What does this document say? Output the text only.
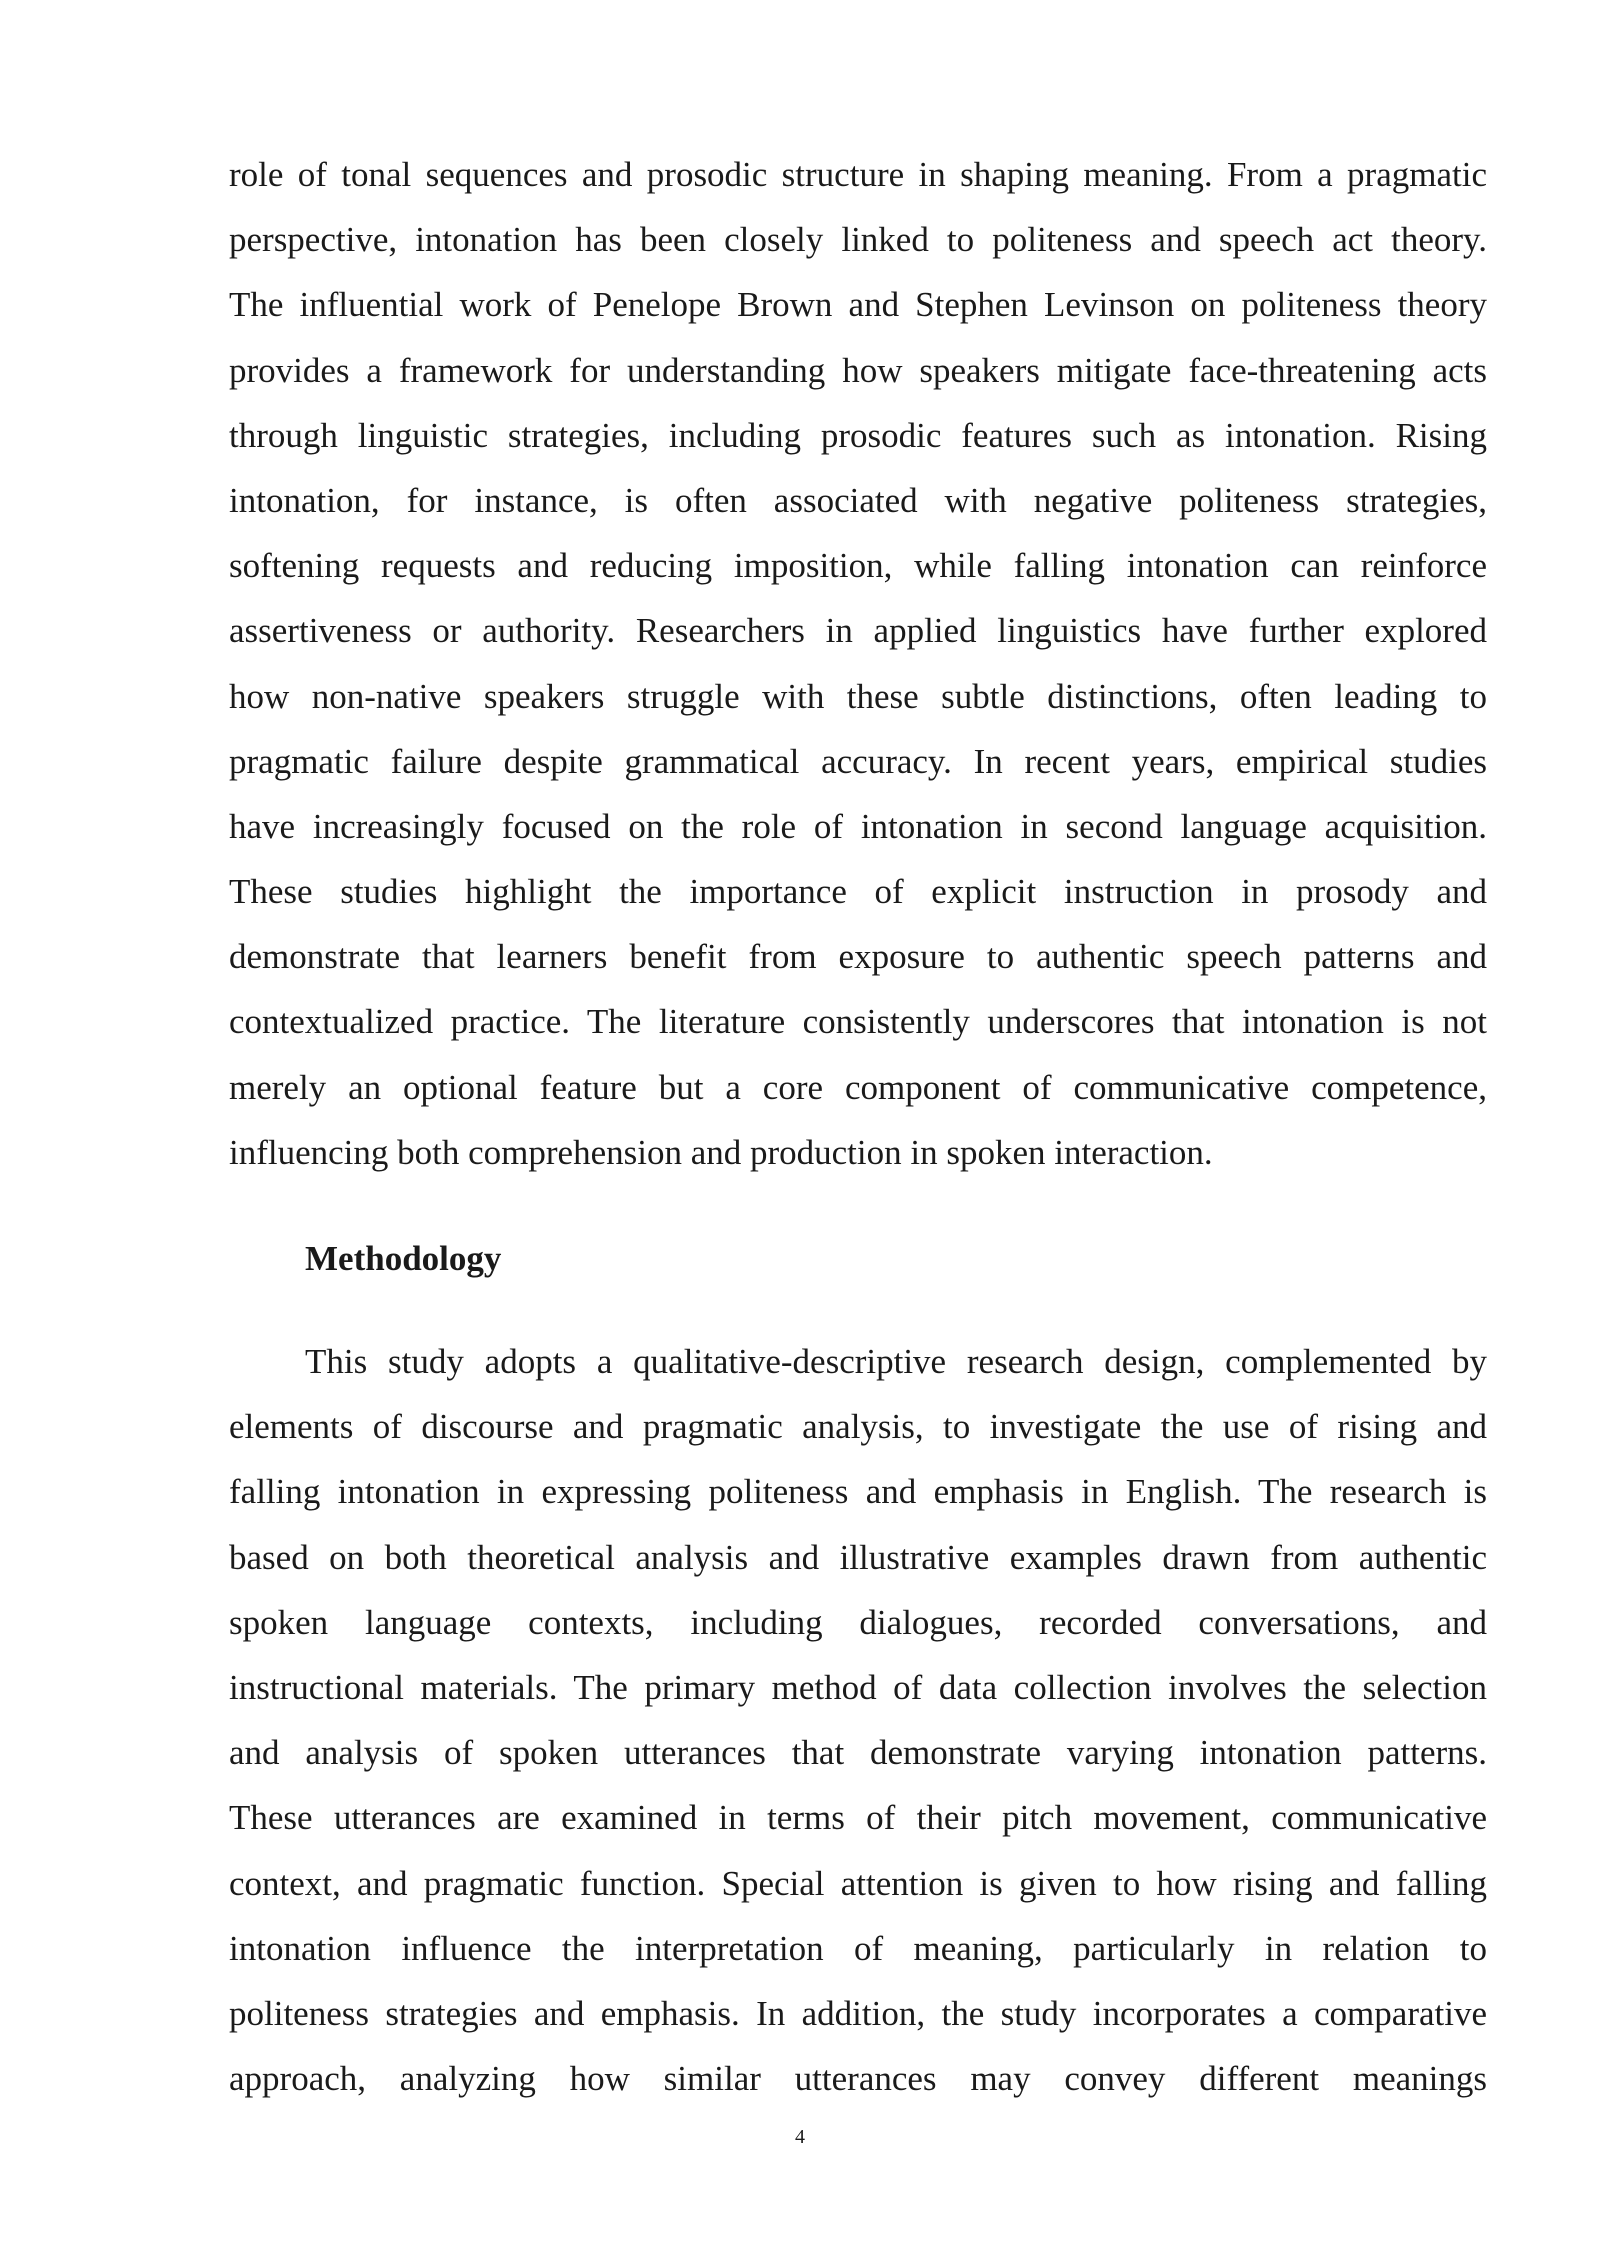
role of tonal sequences and prosodic structure in shaping meaning. From a pragmatic
perspective, intonation has been closely linked to politeness and speech act theory.
The influential work of Penelope Brown and Stephen Levinson on politeness theory
provides a framework for understanding how speakers mitigate face-threatening acts
through linguistic strategies, including prosodic features such as intonation. Rising
intonation, for instance, is often associated with negative politeness strategies,
softening requests and reducing imposition, while falling intonation can reinforce
assertiveness or authority. Researchers in applied linguistics have further explored
how non-native speakers struggle with these subtle distinctions, often leading to
pragmatic failure despite grammatical accuracy. In recent years, empirical studies
have increasingly focused on the role of intonation in second language acquisition.
These studies highlight the importance of explicit instruction in prosody and
demonstrate that learners benefit from exposure to authentic speech patterns and
contextualized practice. The literature consistently underscores that intonation is not
merely an optional feature but a core component of communicative competence,
influencing both comprehension and production in spoken interaction.
Methodology
This study adopts a qualitative-descriptive research design, complemented by
elements of discourse and pragmatic analysis, to investigate the use of rising and
falling intonation in expressing politeness and emphasis in English. The research is
based on both theoretical analysis and illustrative examples drawn from authentic
spoken language contexts, including dialogues, recorded conversations, and
instructional materials. The primary method of data collection involves the selection
and analysis of spoken utterances that demonstrate varying intonation patterns.
These utterances are examined in terms of their pitch movement, communicative
context, and pragmatic function. Special attention is given to how rising and falling
intonation influence the interpretation of meaning, particularly in relation to
politeness strategies and emphasis. In addition, the study incorporates a comparative
approach, analyzing how similar utterances may convey different meanings
4
